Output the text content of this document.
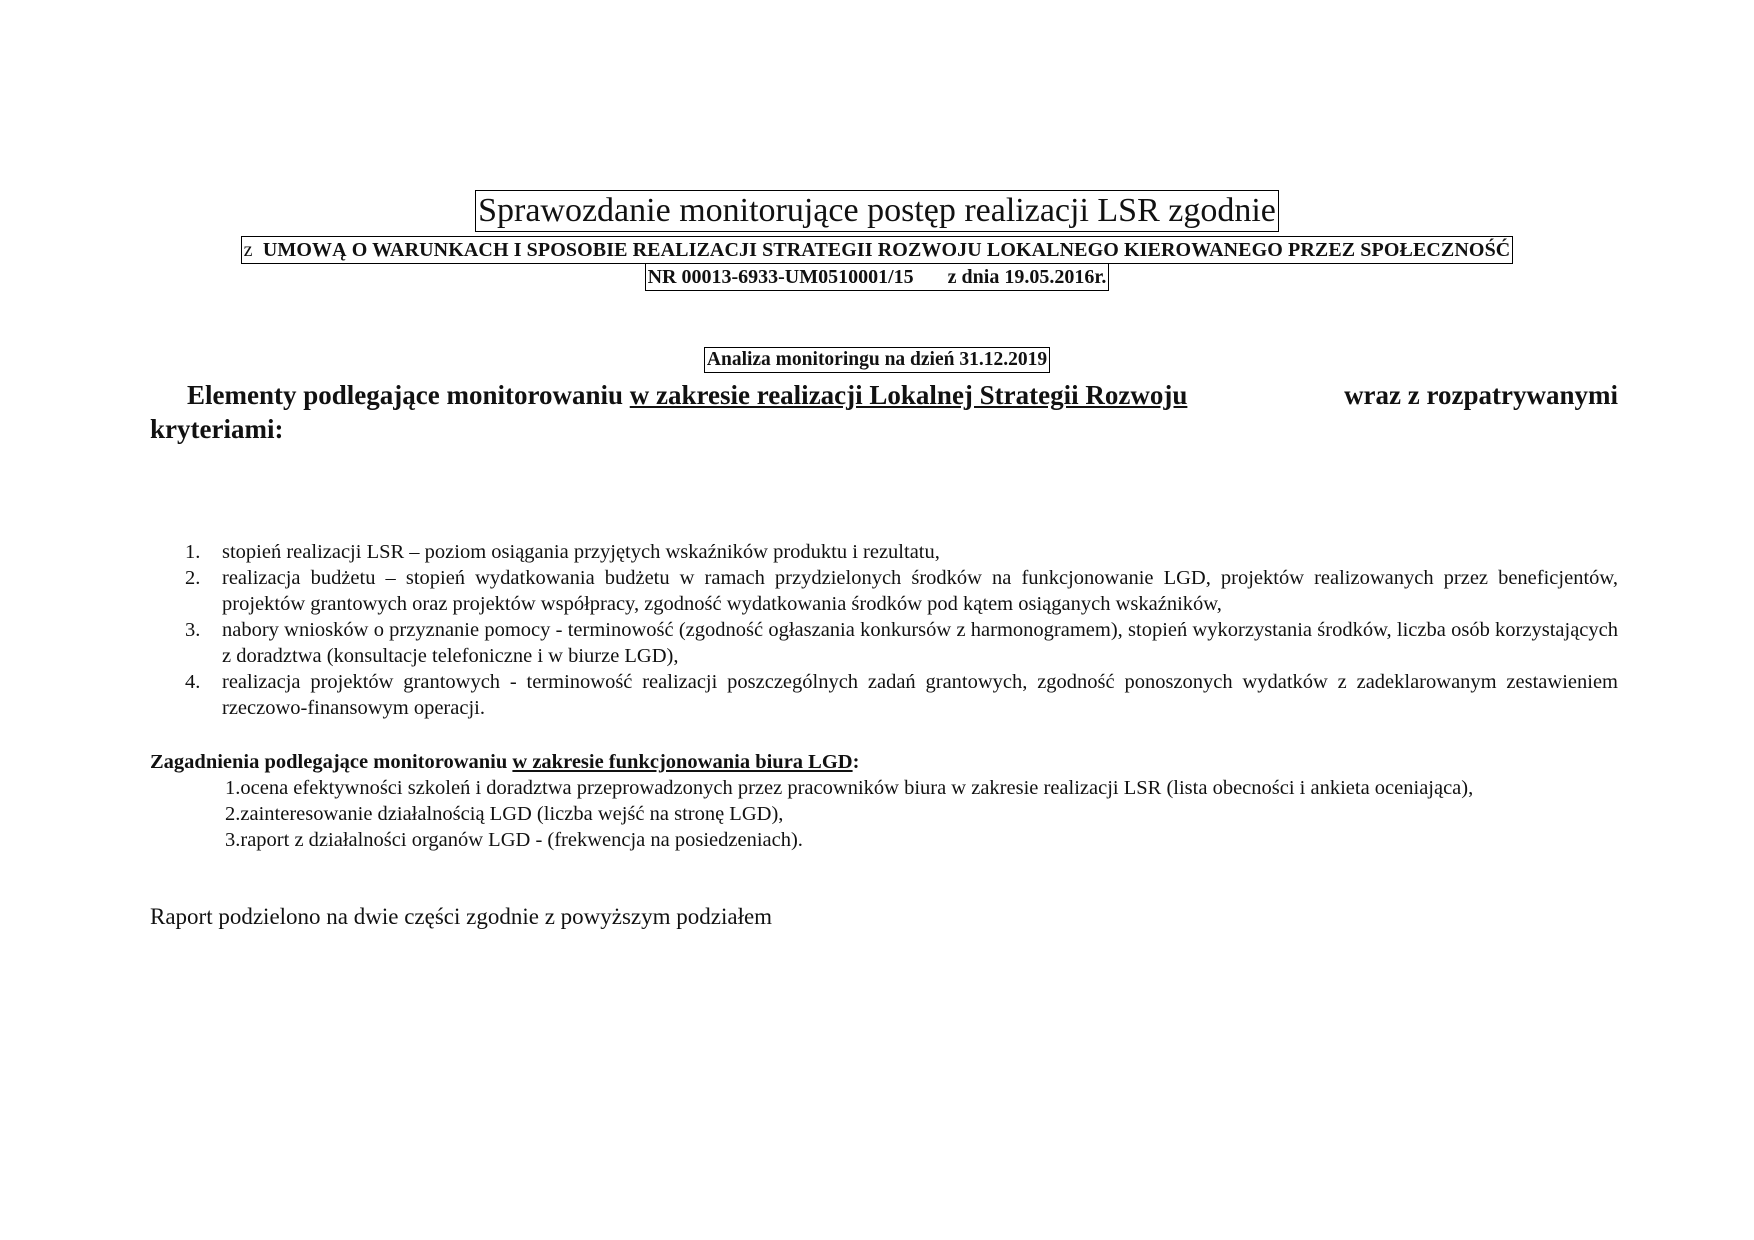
Sprawozdanie monitorujące postęp realizacji LSR zgodnie
z UMOWĄ O WARUNKACH I SPOSOBIE REALIZACJI STRATEGII ROZWOJU LOKALNEGO KIEROWANEGO PRZEZ SPOŁECZNOŚĆ
NR 00013-6933-UM0510001/15 z dnia 19.05.2016r.
Analiza monitoringu na dzień 31.12.2019
Elementy podlegające monitorowaniu w zakresie realizacji Lokalnej Strategii Rozwoju	wraz z rozpatrywanymi
kryteriami:
1. stopień realizacji LSR – poziom osiągania przyjętych wskaźników produktu i rezultatu,
2. realizacja budżetu – stopień wydatkowania budżetu w ramach przydzielonych środków na funkcjonowanie LGD, projektów realizowanych przez beneficjentów, projektów grantowych oraz projektów współpracy, zgodność wydatkowania środków pod kątem osiąganych wskaźników,
3. nabory wniosków o przyznanie pomocy - terminowość (zgodność ogłaszania konkursów z harmonogramem), stopień wykorzystania środków, liczba osób korzystających z doradztwa (konsultacje telefoniczne i w biurze LGD),
4. realizacja projektów grantowych - terminowość realizacji poszczególnych zadań grantowych, zgodność ponoszonych wydatków z zadeklarowanym zestawieniem rzeczowo-finansowym operacji.
Zagadnienia podlegające monitorowaniu w zakresie funkcjonowania biura LGD:
1.ocena efektywności szkoleń i doradztwa przeprowadzonych przez pracowników biura w zakresie realizacji LSR (lista obecności i ankieta oceniająca),
2.zainteresowanie działalnością LGD (liczba wejść na stronę LGD),
3.raport z działalności organów LGD - (frekwencja na posiedzeniach).
Raport podzielono na dwie części zgodnie z powyższym podziałem
